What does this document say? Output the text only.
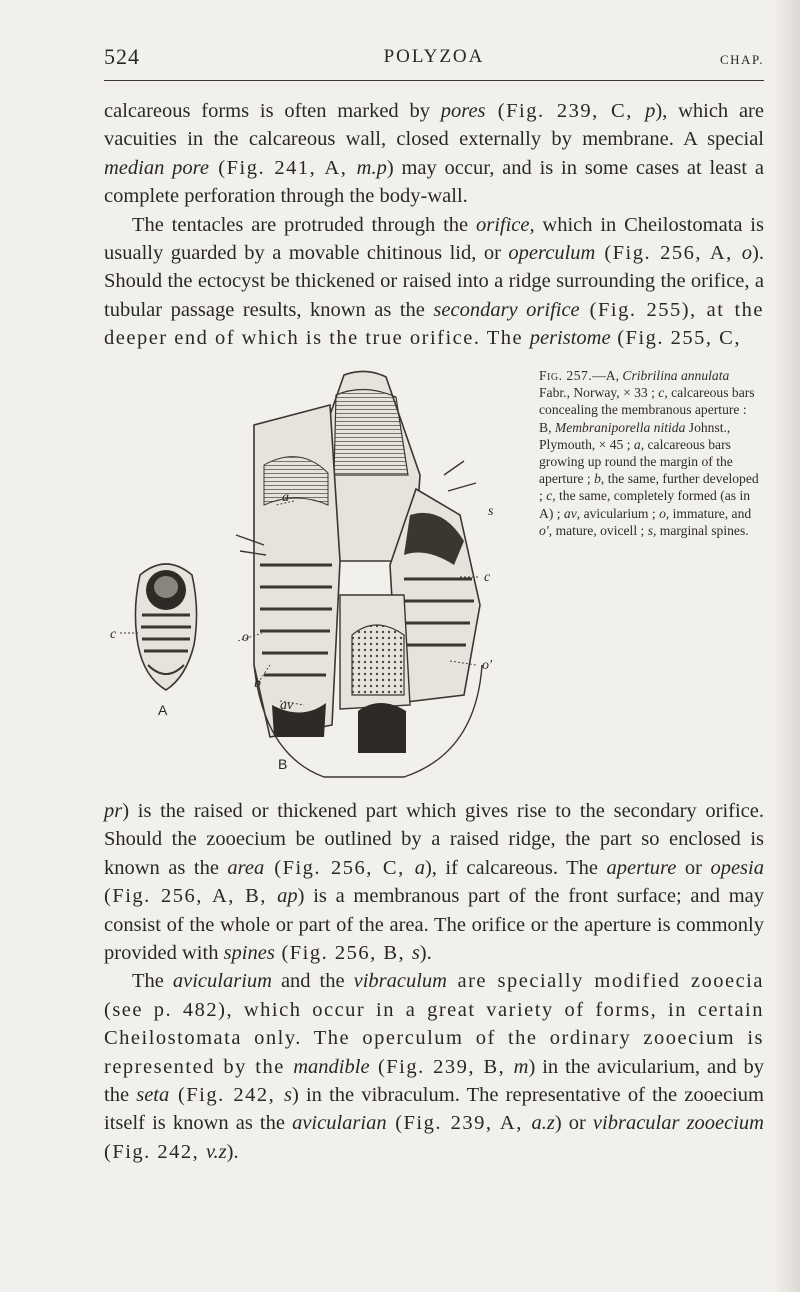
524	POLYZOA	CHAP.

calcareous forms is often marked by pores (Fig. 239, C, p), which are vacuities in the calcareous wall, closed externally by membrane. A special median pore (Fig. 241, A, m.p) may occur, and is in some cases at least a complete perforation through the body-wall.

The tentacles are protruded through the orifice, which in Cheilostomata is usually guarded by a movable chitinous lid, or operculum (Fig. 256, A, o). Should the ectocyst be thickened or raised into a ridge surrounding the orifice, a tubular passage results, known as the secondary orifice (Fig. 255), at the deeper end of which is the true orifice. The peristome (Fig. 255, C,

c
A
a
o
b
av
s
c
o′
B
Fig. 257.—A, Cribrilina annulata Fabr., Norway, × 33 ; c, calcareous bars concealing the membranous aperture : B, Membraniporella nitida Johnst., Plymouth, × 45 ; a, calcareous bars growing up round the margin of the aperture ; b, the same, further developed ; c, the same, completely formed (as in A) ; av, avicularium ; o, immature, and o′, mature, ovicell ; s, marginal spines.

pr) is the raised or thickened part which gives rise to the secondary orifice. Should the zooecium be outlined by a raised ridge, the part so enclosed is known as the area (Fig. 256, C, a), if calcareous. The aperture or opesia (Fig. 256, A, B, ap) is a membranous part of the front surface; and may consist of the whole or part of the area. The orifice or the aperture is commonly provided with spines (Fig. 256, B, s).

The avicularium and the vibraculum are specially modified zooecia (see p. 482), which occur in a great variety of forms, in certain Cheilostomata only. The operculum of the ordinary zooecium is represented by the mandible (Fig. 239, B, m) in the avicularium, and by the seta (Fig. 242, s) in the vibraculum. The representative of the zooecium itself is known as the avicularian (Fig. 239, A, a.z) or vibracular zooecium (Fig. 242, v.z).
